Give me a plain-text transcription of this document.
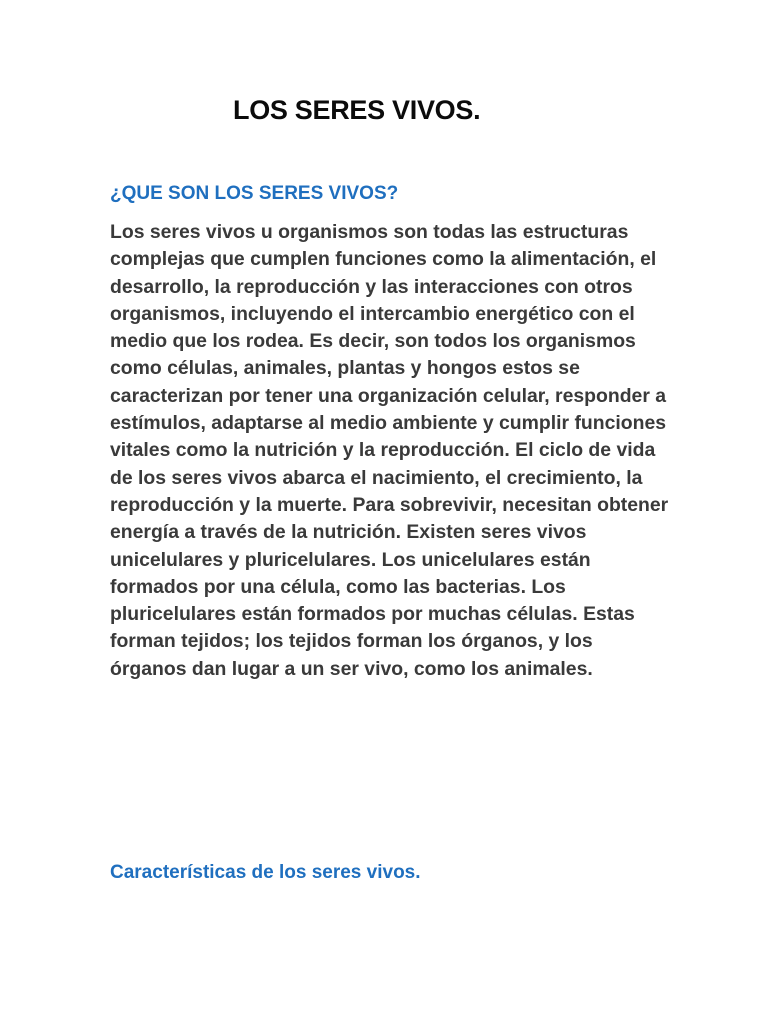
LOS SERES VIVOS.
¿QUE SON LOS SERES VIVOS?

Los seres vivos u organismos son todas las estructuras complejas que cumplen funciones como la alimentación, el desarrollo, la reproducción y las interacciones con otros organismos, incluyendo el intercambio energético con el medio que los rodea. Es decir, son todos los organismos como células, animales, plantas y hongos estos se caracterizan por tener una organización celular, responder a estímulos, adaptarse al medio ambiente y cumplir funciones vitales como la nutrición y la reproducción. El ciclo de vida de los seres vivos abarca el nacimiento, el crecimiento, la reproducción y la muerte. Para sobrevivir, necesitan obtener energía a través de la nutrición. Existen seres vivos unicelulares y pluricelulares. Los unicelulares están formados por una célula, como las bacterias. Los pluricelulares están formados por muchas células. Estas forman tejidos; los tejidos forman los órganos, y los órganos dan lugar a un ser vivo, como los animales.

Características de los seres vivos.
